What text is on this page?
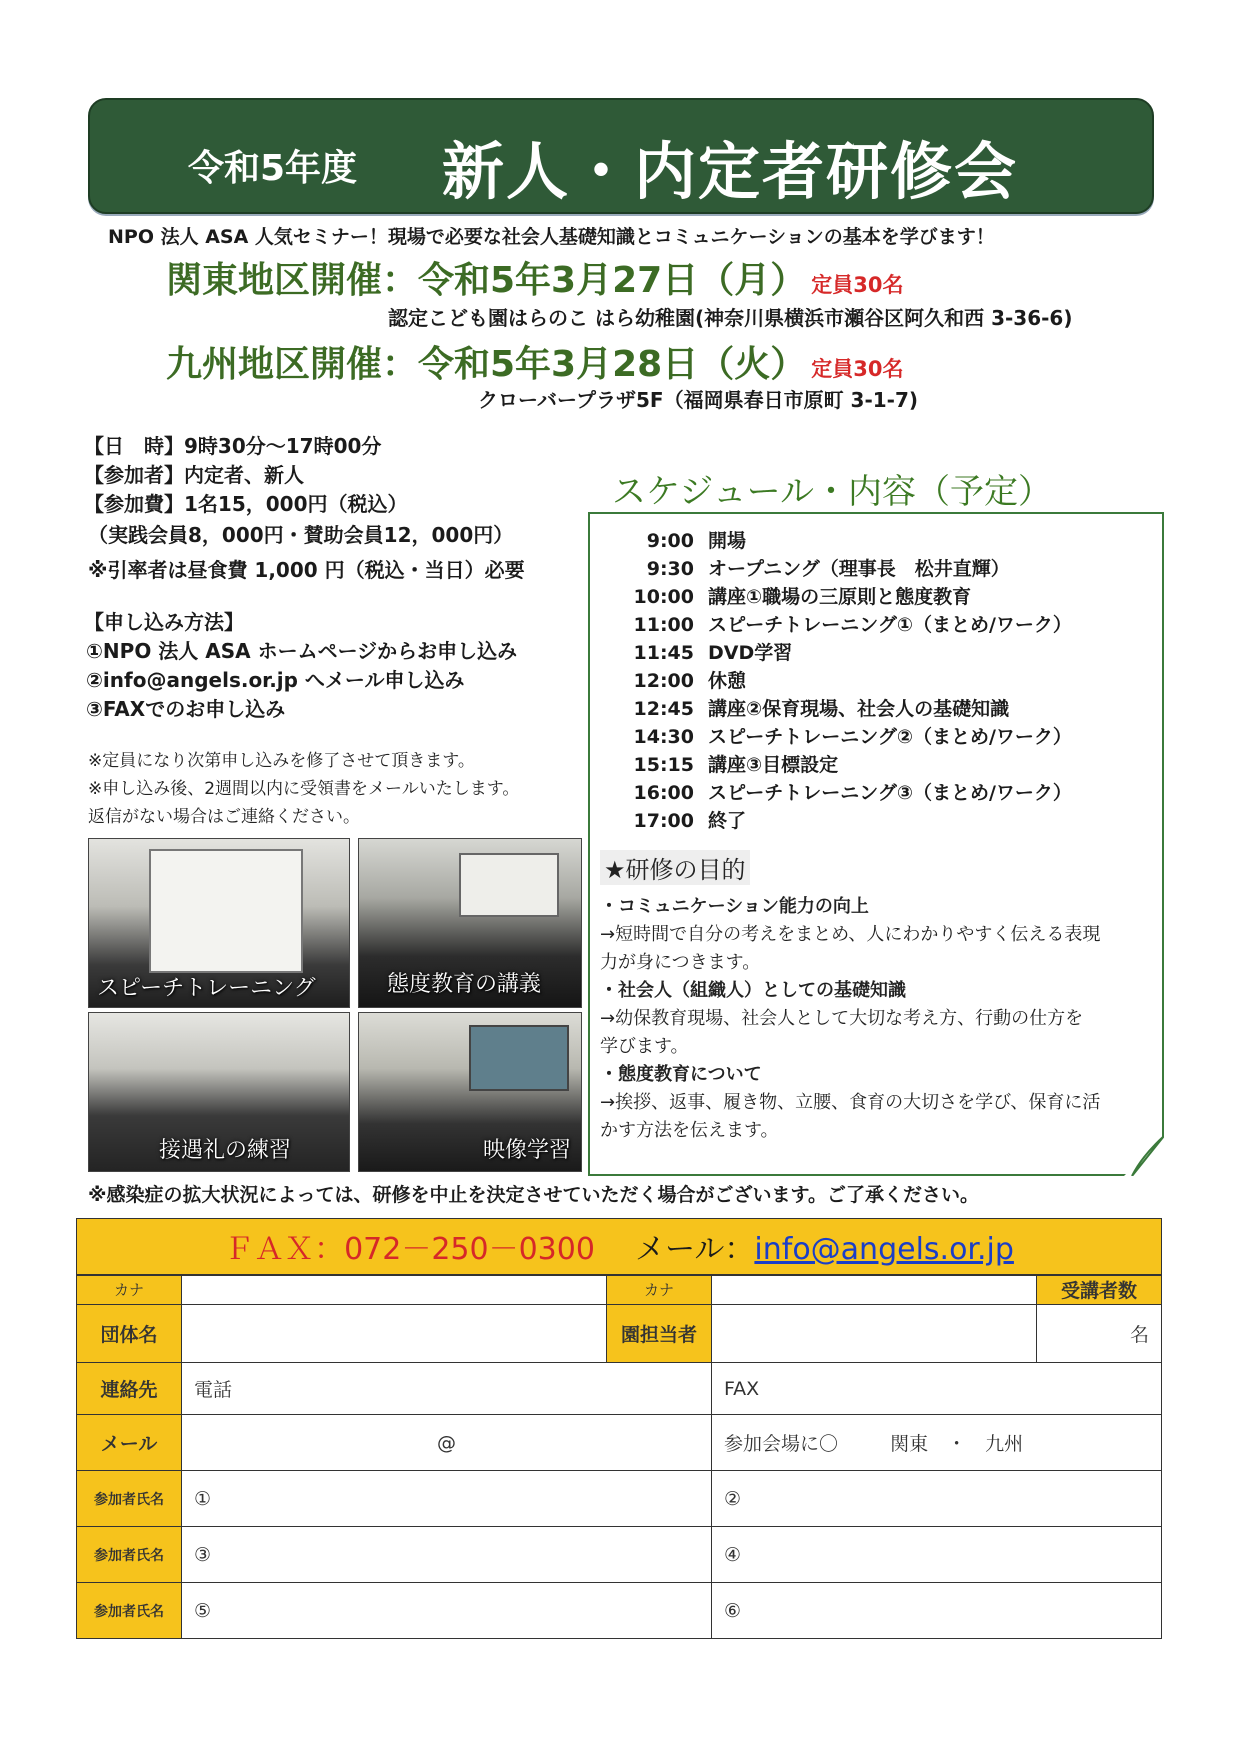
令和5年度 新人・内定者研修会
NPO 法人 ASA 人気セミナー！現場で必要な社会人基礎知識とコミュニケーションの基本を学びます！
関東地区開催：令和5年3月27日（月） 定員30名
認定こども園はらのこ はら幼稚園(神奈川県横浜市瀬谷区阿久和西 3-36-6)
九州地区開催：令和5年3月28日（火） 定員30名
クローバープラザ5F（福岡県春日市原町 3-1-7)
【日　時】9時30分～17時00分
【参加者】内定者、新人
【参加費】1名15，000円（税込）
（実践会員8，000円・賛助会員12，000円）
※引率者は昼食費 1,000 円（税込・当日）必要
【申し込み方法】
①NPO 法人 ASA ホームページからお申し込み
②info@angels.or.jp へメール申し込み
③FAXでのお申し込み
※定員になり次第申し込みを修了させて頂きます。
※申し込み後、2週間以内に受領書をメールいたします。
返信がない場合はご連絡ください。
スピーチトレーニング	態度教育の講義
接遇礼の練習	映像学習
スケジュール・内容（予定）
9:00 開場
9:30 オープニング（理事長　松井直輝）
10:00 講座①職場の三原則と態度教育
11:00 スピーチトレーニング①（まとめ/ワーク）
11:45 DVD学習
12:00 休憩
12:45 講座②保育現場、社会人の基礎知識
14:30 スピーチトレーニング②（まとめ/ワーク）
15:15 講座③目標設定
16:00 スピーチトレーニング③（まとめ/ワーク）
17:00 終了
★研修の目的
・コミュニケーション能力の向上
→短時間で自分の考えをまとめ、人にわかりやすく伝える表現
力が身につきます。
・社会人（組織人）としての基礎知識
→幼保教育現場、社会人として大切な考え方、行動の仕方を
学びます。
・態度教育について
→挨拶、返事、履き物、立腰、食育の大切さを学び、保育に活
かす方法を伝えます。
※感染症の拡大状況によっては、研修を中止を決定させていただく場合がございます。ご了承ください。
ＦＡＸ：072－250－0300 メール：info@angels.or.jp				
カナ		カナ		受講者数
団体名		園担当者		名
連絡先	電話		FAX	
メール	@		参加会場に〇 関東　・　九州	
参加者氏名	①		②	
参加者氏名	③		④	
参加者氏名	⑤		⑥	
